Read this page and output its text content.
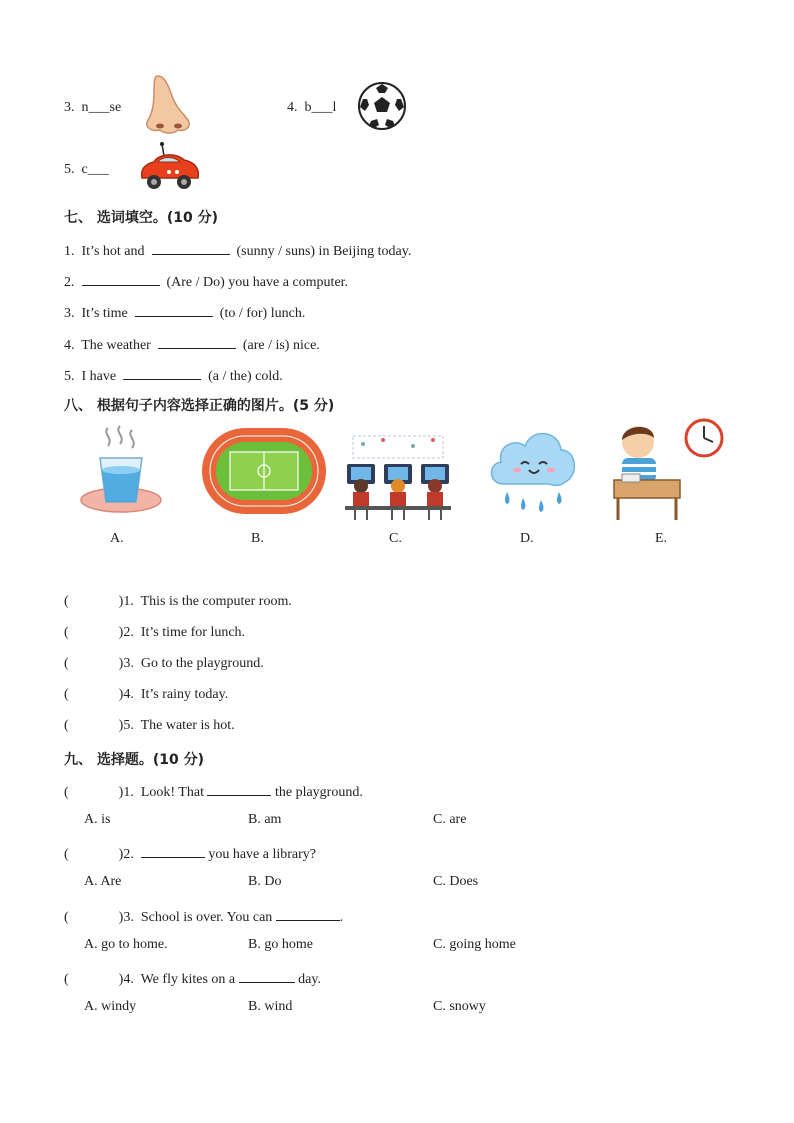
3. n___se	4. b___l
5. c___
七、 选词填空。(10 分)
1. It’s hot and	(sunny / suns) in Beijing today.
2.	(Are / Do) you have a computer.
3. It’s time	(to / for) lunch.
4. The weather	(are / is) nice.
5. I have	(a / the) cold.
八、 根据句子内容选择正确的图片。(5 分)
A.	B.	C.	D.	E.
(	)1. This is the computer room.
(	)2. It’s time for lunch.
(	)3. Go to the playground.
(	)4. It’s rainy today.
(	)5. The water is hot.
九、 选择题。(10 分)
(	)1. Look! That	the playground.
A. is	B. am	C. are
(	)2.	you have a library?
A. Are	B. Do	C. Does
(	)3. School is over. You can	.
A. go to home.	B. go home	C. going home
(	)4. We fly kites on a	day.
A. windy	B. wind	C. snowy
